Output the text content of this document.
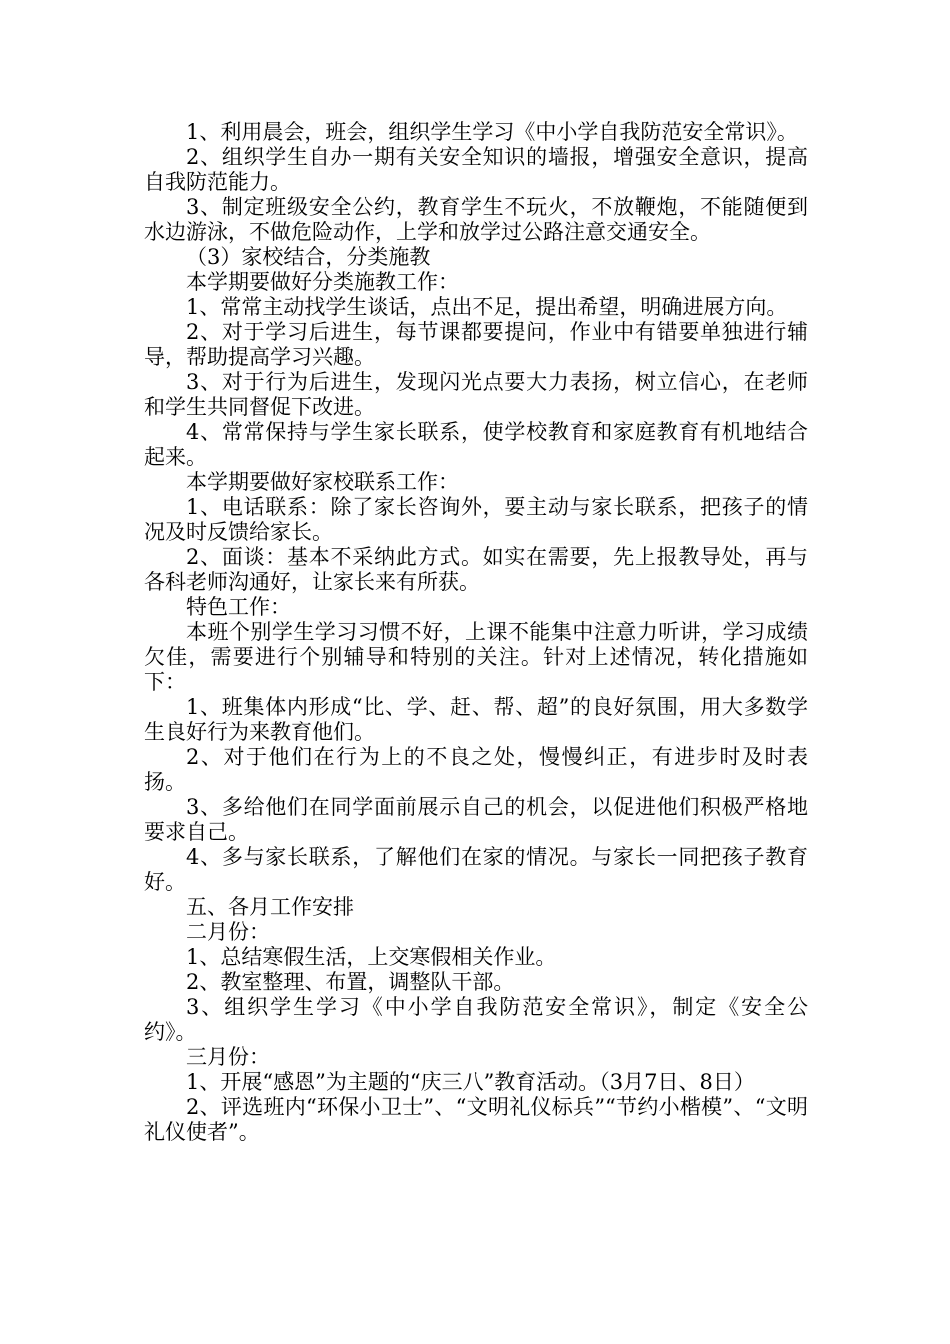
1、利用晨会，班会，组织学生学习《中小学自我防范安全常识》。

2、组织学生自办一期有关安全知识的墙报，增强安全意识，提高自我防范能力。

3、制定班级安全公约，教育学生不玩火，不放鞭炮，不能随便到水边游泳，不做危险动作，上学和放学过公路注意交通安全。

（3）家校结合，分类施教

本学期要做好分类施教工作：

1、常常主动找学生谈话，点出不足，提出希望，明确进展方向。

2、对于学习后进生，每节课都要提问，作业中有错要单独进行辅导，帮助提高学习兴趣。

3、对于行为后进生，发现闪光点要大力表扬，树立信心，在老师和学生共同督促下改进。

4、常常保持与学生家长联系，使学校教育和家庭教育有机地结合起来。

本学期要做好家校联系工作：

1、电话联系：除了家长咨询外，要主动与家长联系，把孩子的情况及时反馈给家长。

2、面谈：基本不采纳此方式。如实在需要，先上报教导处，再与各科老师沟通好，让家长来有所获。

特色工作：

本班个别学生学习习惯不好，上课不能集中注意力听讲，学习成绩欠佳，需要进行个别辅导和特别的关注。针对上述情况，转化措施如下：

1、班集体内形成“比、学、赶、帮、超”的良好氛围，用大多数学生良好行为来教育他们。

2、对于他们在行为上的不良之处，慢慢纠正，有进步时及时表扬。

3、多给他们在同学面前展示自己的机会，以促进他们积极严格地要求自己。

4、多与家长联系，了解他们在家的情况。与家长一同把孩子教育好。

五、各月工作安排

二月份：

1、总结寒假生活，上交寒假相关作业。

2、教室整理、布置，调整队干部。

3、组织学生学习《中小学自我防范安全常识》，制定《安全公约》。

三月份：

1、开展“感恩”为主题的“庆三八”教育活动。（3月7日、8日）

2、评选班内“环保小卫士”、“文明礼仪标兵”“节约小楷模”、“文明礼仪使者”。
